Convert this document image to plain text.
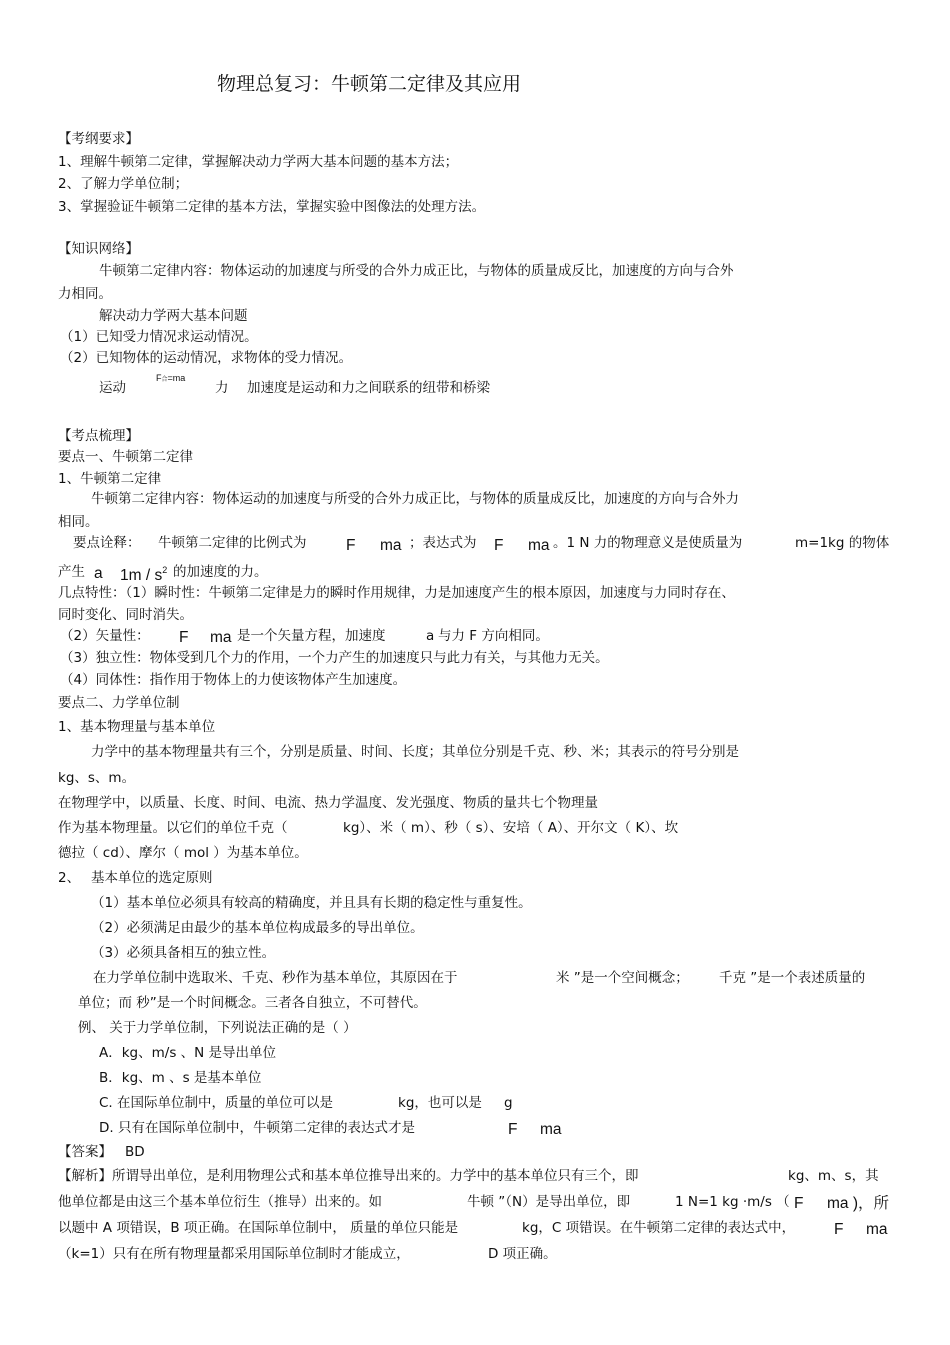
物理总复习：牛顿第二定律及其应用
【考纲要求】
1、理解牛顿第二定律，掌握解决动力学两大基本问题的基本方法；
2、了解力学单位制；
3、掌握验证牛顿第二定律的基本方法，掌握实验中图像法的处理方法。
【知识网络】
牛顿第二定律内容：物体运动的加速度与所受的合外力成正比，与物体的质量成反比，加速度的方向与合外
力相同。
解决动力学两大基本问题
（1）已知受力情况求运动情况。
（2）已知物体的运动情况，求物体的受力情况。
运动
F合=ma
力 加速度是运动和力之间联系的纽带和桥梁
【考点梳理】
要点一、牛顿第二定律
1、牛顿第二定律
牛顿第二定律内容：物体运动的加速度与所受的合外力成正比，与物体的质量成反比，加速度的方向与合外力
相同。
要点诠释： 牛顿第二定律的比例式为	F ma ；表达式为 F ma 。1 N 力的物理意义是使质量为	m=1kg 的物体
产生 a $1m / s^2$ 的加速度的力。
几点特性：（1）瞬时性：牛顿第二定律是力的瞬时作用规律，力是加速度产生的根本原因，加速度与力同时存在、
同时变化、同时消失。
（2）矢量性： F ma 是一个矢量方程，加速度	a 与力 F 方向相同。
（3）独立性：物体受到几个力的作用，一个力产生的加速度只与此力有关，与其他力无关。
（4）同体性：指作用于物体上的力使该物体产生加速度。
要点二、力学单位制
1、基本物理量与基本单位
力学中的基本物理量共有三个，分别是质量、时间、长度；其单位分别是千克、秒、米；其表示的符号分别是
kg、s、m。
在物理学中，以质量、长度、时间、电流、热力学温度、发光强度、物质的量共七个物理量
作为基本物理量。以它们的单位千克（	kg）、米（ m）、秒（ s）、安培（ A）、开尔文（ K）、坎
德拉（ cd）、摩尔（ mol ）为基本单位。
2、 基本单位的选定原则
（1）基本单位必须具有较高的精确度，并且具有长期的稳定性与重复性。
（2）必须满足由最少的基本单位构成最多的导出单位。
（3）必须具备相互的独立性。
在力学单位制中选取米、千克、秒作为基本单位，其原因在于	米 ”是一个空间概念； 千克 ”是一个表述质量的
单位；而 秒”是一个时间概念。三者各自独立，不可替代。
例、 关于力学单位制，下列说法正确的是（ ）
A．kg、m/s 、N 是导出单位
B．kg、m 、s 是基本单位
C. 在国际单位制中，质量的单位可以是	kg，也可以是 g
D. 只有在国际单位制中，牛顿第二定律的表达式才是	F ma
【答案】 BD
【解析】所谓导出单位，是利用物理公式和基本单位推导出来的。力学中的基本单位只有三个，即	kg、m、s，其
他单位都是由这三个基本单位衍生（推导）出来的。如	牛顿 ”（N）是导出单位，即	1 N=1 kg ·m/s （ F ma )，所
以题中 A 项错误，B 项正确。在国际单位制中， 质量的单位只能是	kg，C 项错误。在牛顿第二定律的表达式中，	F ma
（k=1）只有在所有物理量都采用国际单位制时才能成立，	D 项正确。
